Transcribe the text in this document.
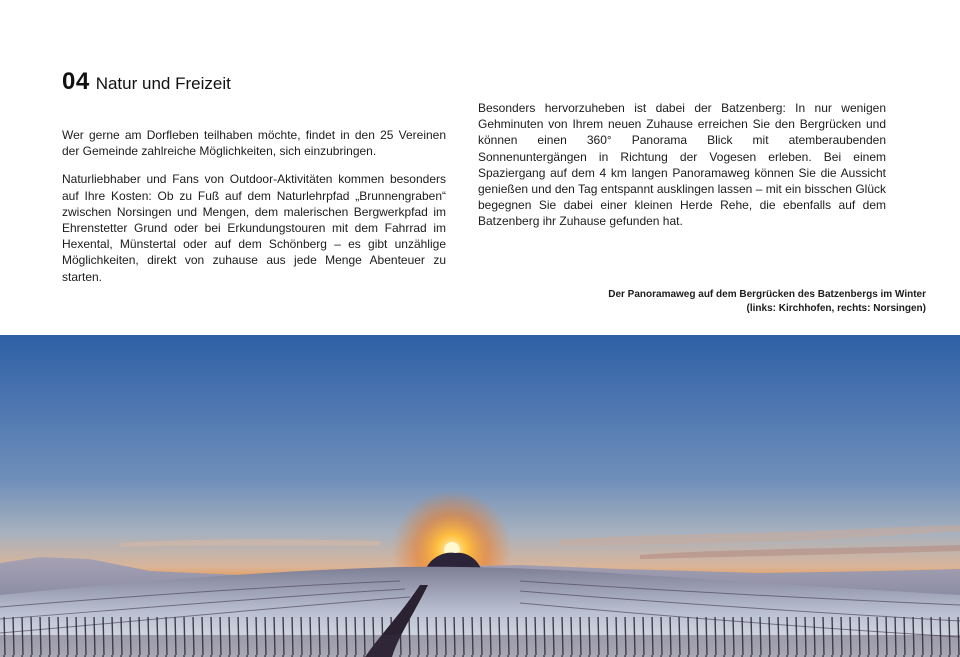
04 Natur und Freizeit

Wer gerne am Dorfleben teilhaben möchte, findet in den 25 Vereinen der Gemeinde zahlreiche Möglichkeiten, sich einzubringen.

Naturliebhaber und Fans von Outdoor-Aktivitäten kommen besonders auf Ihre Kosten: Ob zu Fuß auf dem Naturlehrpfad „Brunnengraben“ zwischen Norsingen und Mengen, dem malerischen Bergwerkpfad im Ehrenstetter Grund oder bei Erkundungstouren mit dem Fahrrad im Hexental, Münstertal oder auf dem Schönberg – es gibt unzählige Möglichkeiten, direkt von zuhause aus jede Menge Abenteuer zu starten.

Besonders hervorzuheben ist dabei der Batzenberg: In nur wenigen Gehminuten von Ihrem neuen Zuhause erreichen Sie den Bergrücken und können einen 360° Panorama Blick mit atemberaubenden Sonnenuntergängen in Richtung der Vogesen erleben. Bei einem Spaziergang auf dem 4 km langen Panoramaweg können Sie die Aussicht genießen und den Tag entspannt ausklingen lassen – mit ein bisschen Glück begegnen Sie dabei einer kleinen Herde Rehe, die ebenfalls auf dem Batzenberg ihr Zuhause gefunden hat.

Der Panoramaweg auf dem Bergrücken des Batzenbergs im Winter
(links: Kirchhofen, rechts: Norsingen)
